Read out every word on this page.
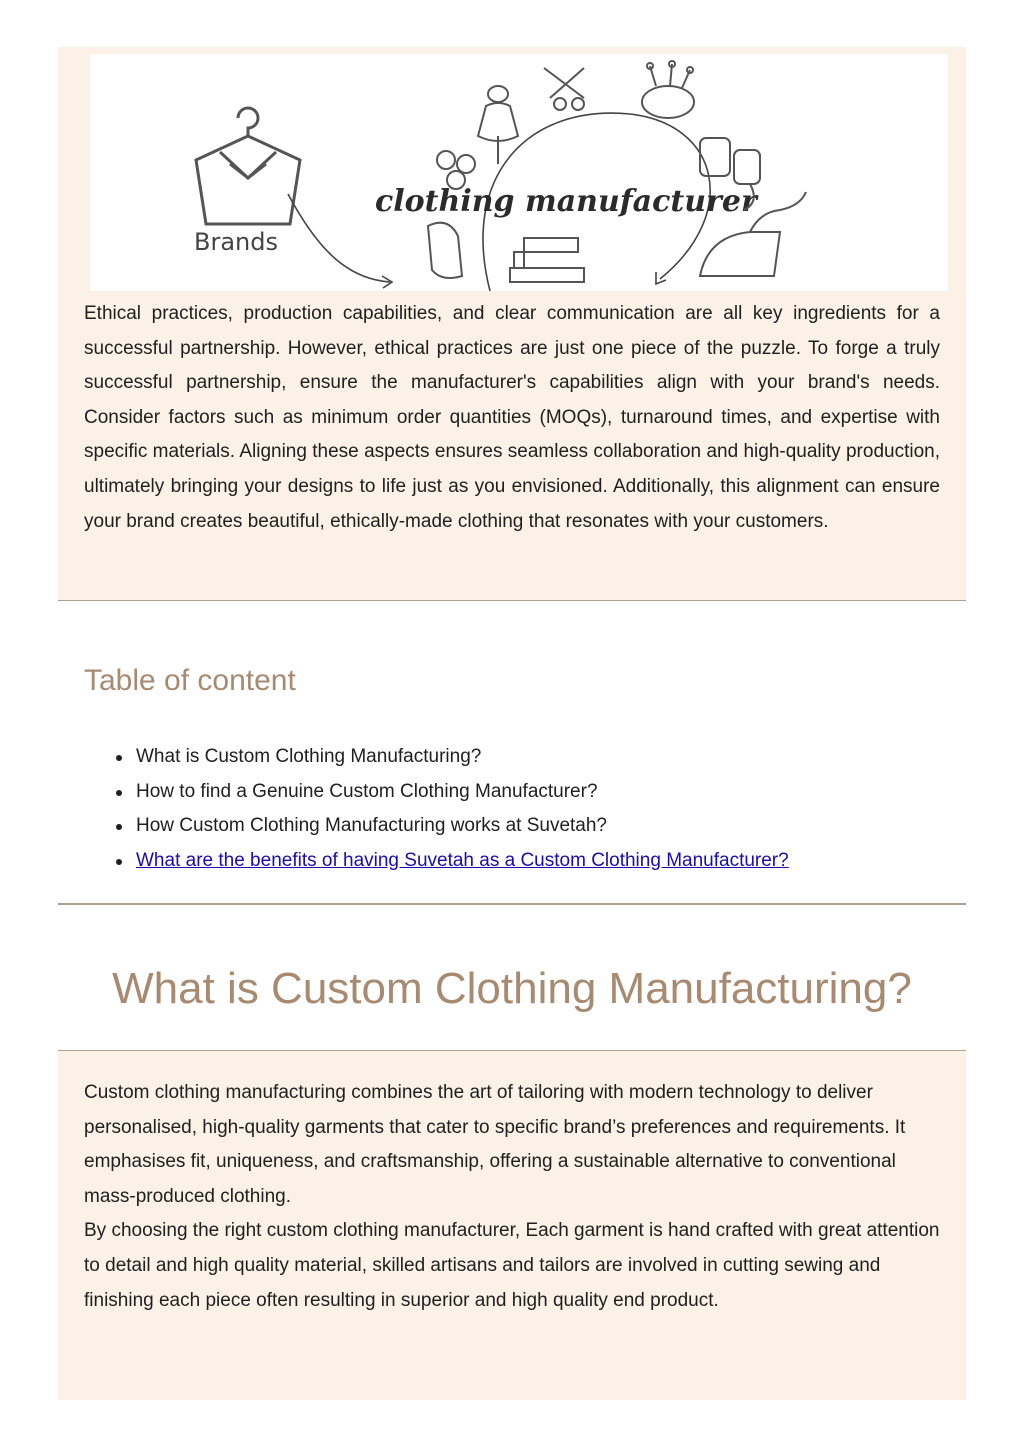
Brands
clothing manufacturer

Ethical practices, production capabilities, and clear communication are all key ingredients for a successful partnership. However, ethical practices are just one piece of the puzzle. To forge a truly successful partnership, ensure the manufacturer's capabilities align with your brand's needs. Consider factors such as minimum order quantities (MOQs), turnaround times, and expertise with specific materials. Aligning these aspects ensures seamless collaboration and high-quality production, ultimately bringing your designs to life just as you envisioned. Additionally, this alignment can ensure your brand creates beautiful, ethically-made clothing that resonates with your customers.

Table of content
What is Custom Clothing Manufacturing?
How to find a Genuine Custom Clothing Manufacturer?
How Custom Clothing Manufacturing works at Suvetah?
What are the benefits of having Suvetah as a Custom Clothing Manufacturer?
What is Custom Clothing Manufacturing?
Custom clothing manufacturing combines the art of tailoring with modern technology to deliver personalised, high-quality garments that cater to specific brand’s preferences and requirements. It emphasises fit, uniqueness, and craftsmanship, offering a sustainable alternative to conventional mass-produced clothing.
By choosing the right custom clothing manufacturer, Each garment is hand crafted with great attention to detail and high quality material, skilled artisans and tailors are involved in cutting sewing and finishing each piece often resulting in superior and high quality end product.
